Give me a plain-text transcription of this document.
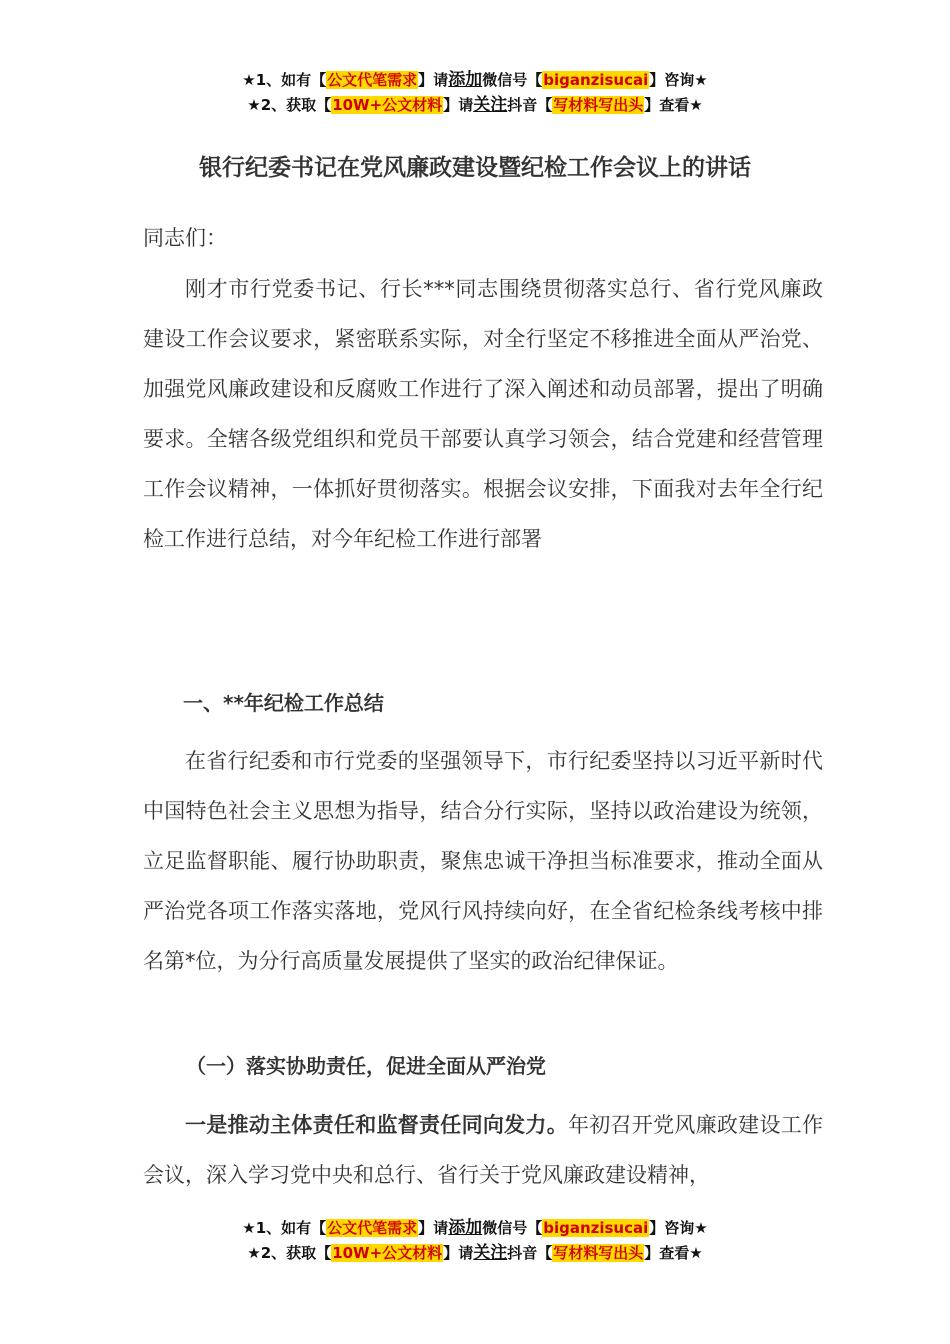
★1、如有【公文代笔需求】请添加微信号【biganzisucai】咨询★
★2、获取【10W+公文材料】请关注抖音【写材料写出头】查看★
银行纪委书记在党风廉政建设暨纪检工作会议上的讲话
同志们：

刚才市行党委书记、行长***同志围绕贯彻落实总行、省行党风廉政建设工作会议要求，紧密联系实际，对全行坚定不移推进全面从严治党、加强党风廉政建设和反腐败工作进行了深入阐述和动员部署，提出了明确要求。全辖各级党组织和党员干部要认真学习领会，结合党建和经营管理工作会议精神，一体抓好贯彻落实。根据会议安排，下面我对去年全行纪检工作进行总结，对今年纪检工作进行部署

一、**年纪检工作总结

在省行纪委和市行党委的坚强领导下，市行纪委坚持以习近平新时代中国特色社会主义思想为指导，结合分行实际，坚持以政治建设为统领，立足监督职能、履行协助职责，聚焦忠诚干净担当标准要求，推动全面从严治党各项工作落实落地，党风行风持续向好，在全省纪检条线考核中排名第*位，为分行高质量发展提供了坚实的政治纪律保证。

（一）落实协助责任，促进全面从严治党

一是推动主体责任和监督责任同向发力。年初召开党风廉政建设工作会议，深入学习党中央和总行、省行关于党风廉政建设精神，

★1、如有【公文代笔需求】请添加微信号【biganzisucai】咨询★
★2、获取【10W+公文材料】请关注抖音【写材料写出头】查看★
